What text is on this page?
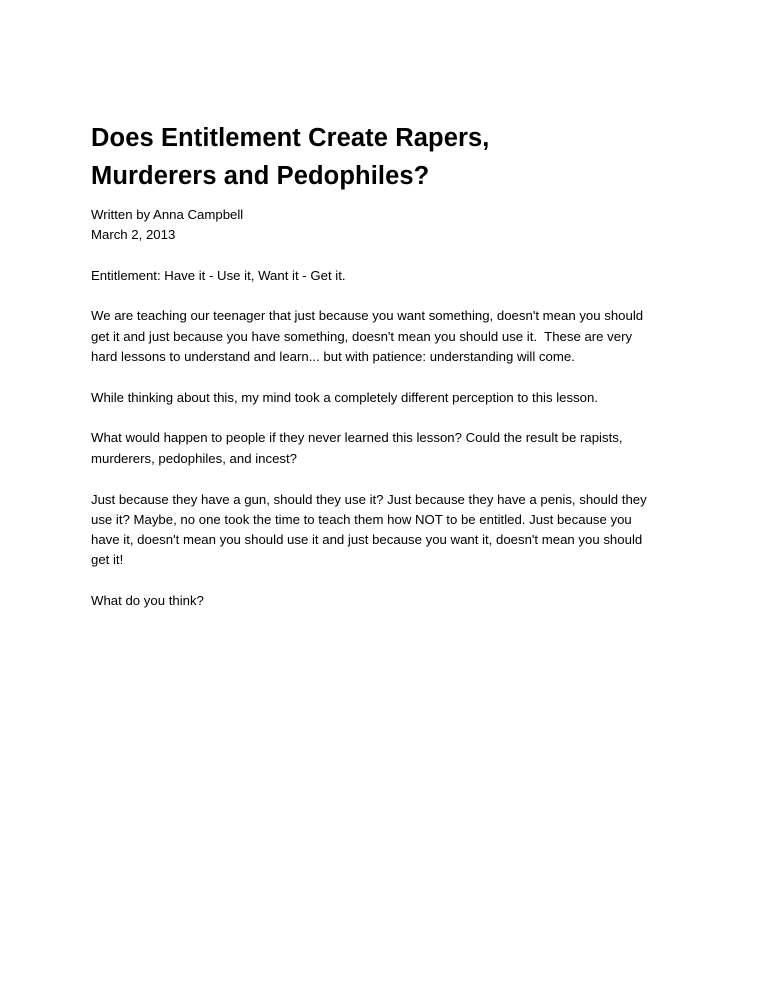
Does Entitlement Create Rapers,
Murderers and Pedophiles?
Written by Anna Campbell
March 2, 2013

Entitlement: Have it - Use it, Want it - Get it.

We are teaching our teenager that just because you want something, doesn't mean you should
get it and just because you have something, doesn't mean you should use it.  These are very
hard lessons to understand and learn... but with patience: understanding will come.

While thinking about this, my mind took a completely different perception to this lesson.

What would happen to people if they never learned this lesson? Could the result be rapists,
murderers, pedophiles, and incest?

Just because they have a gun, should they use it? Just because they have a penis, should they
use it? Maybe, no one took the time to teach them how NOT to be entitled. Just because you
have it, doesn't mean you should use it and just because you want it, doesn't mean you should
get it!

What do you think?
